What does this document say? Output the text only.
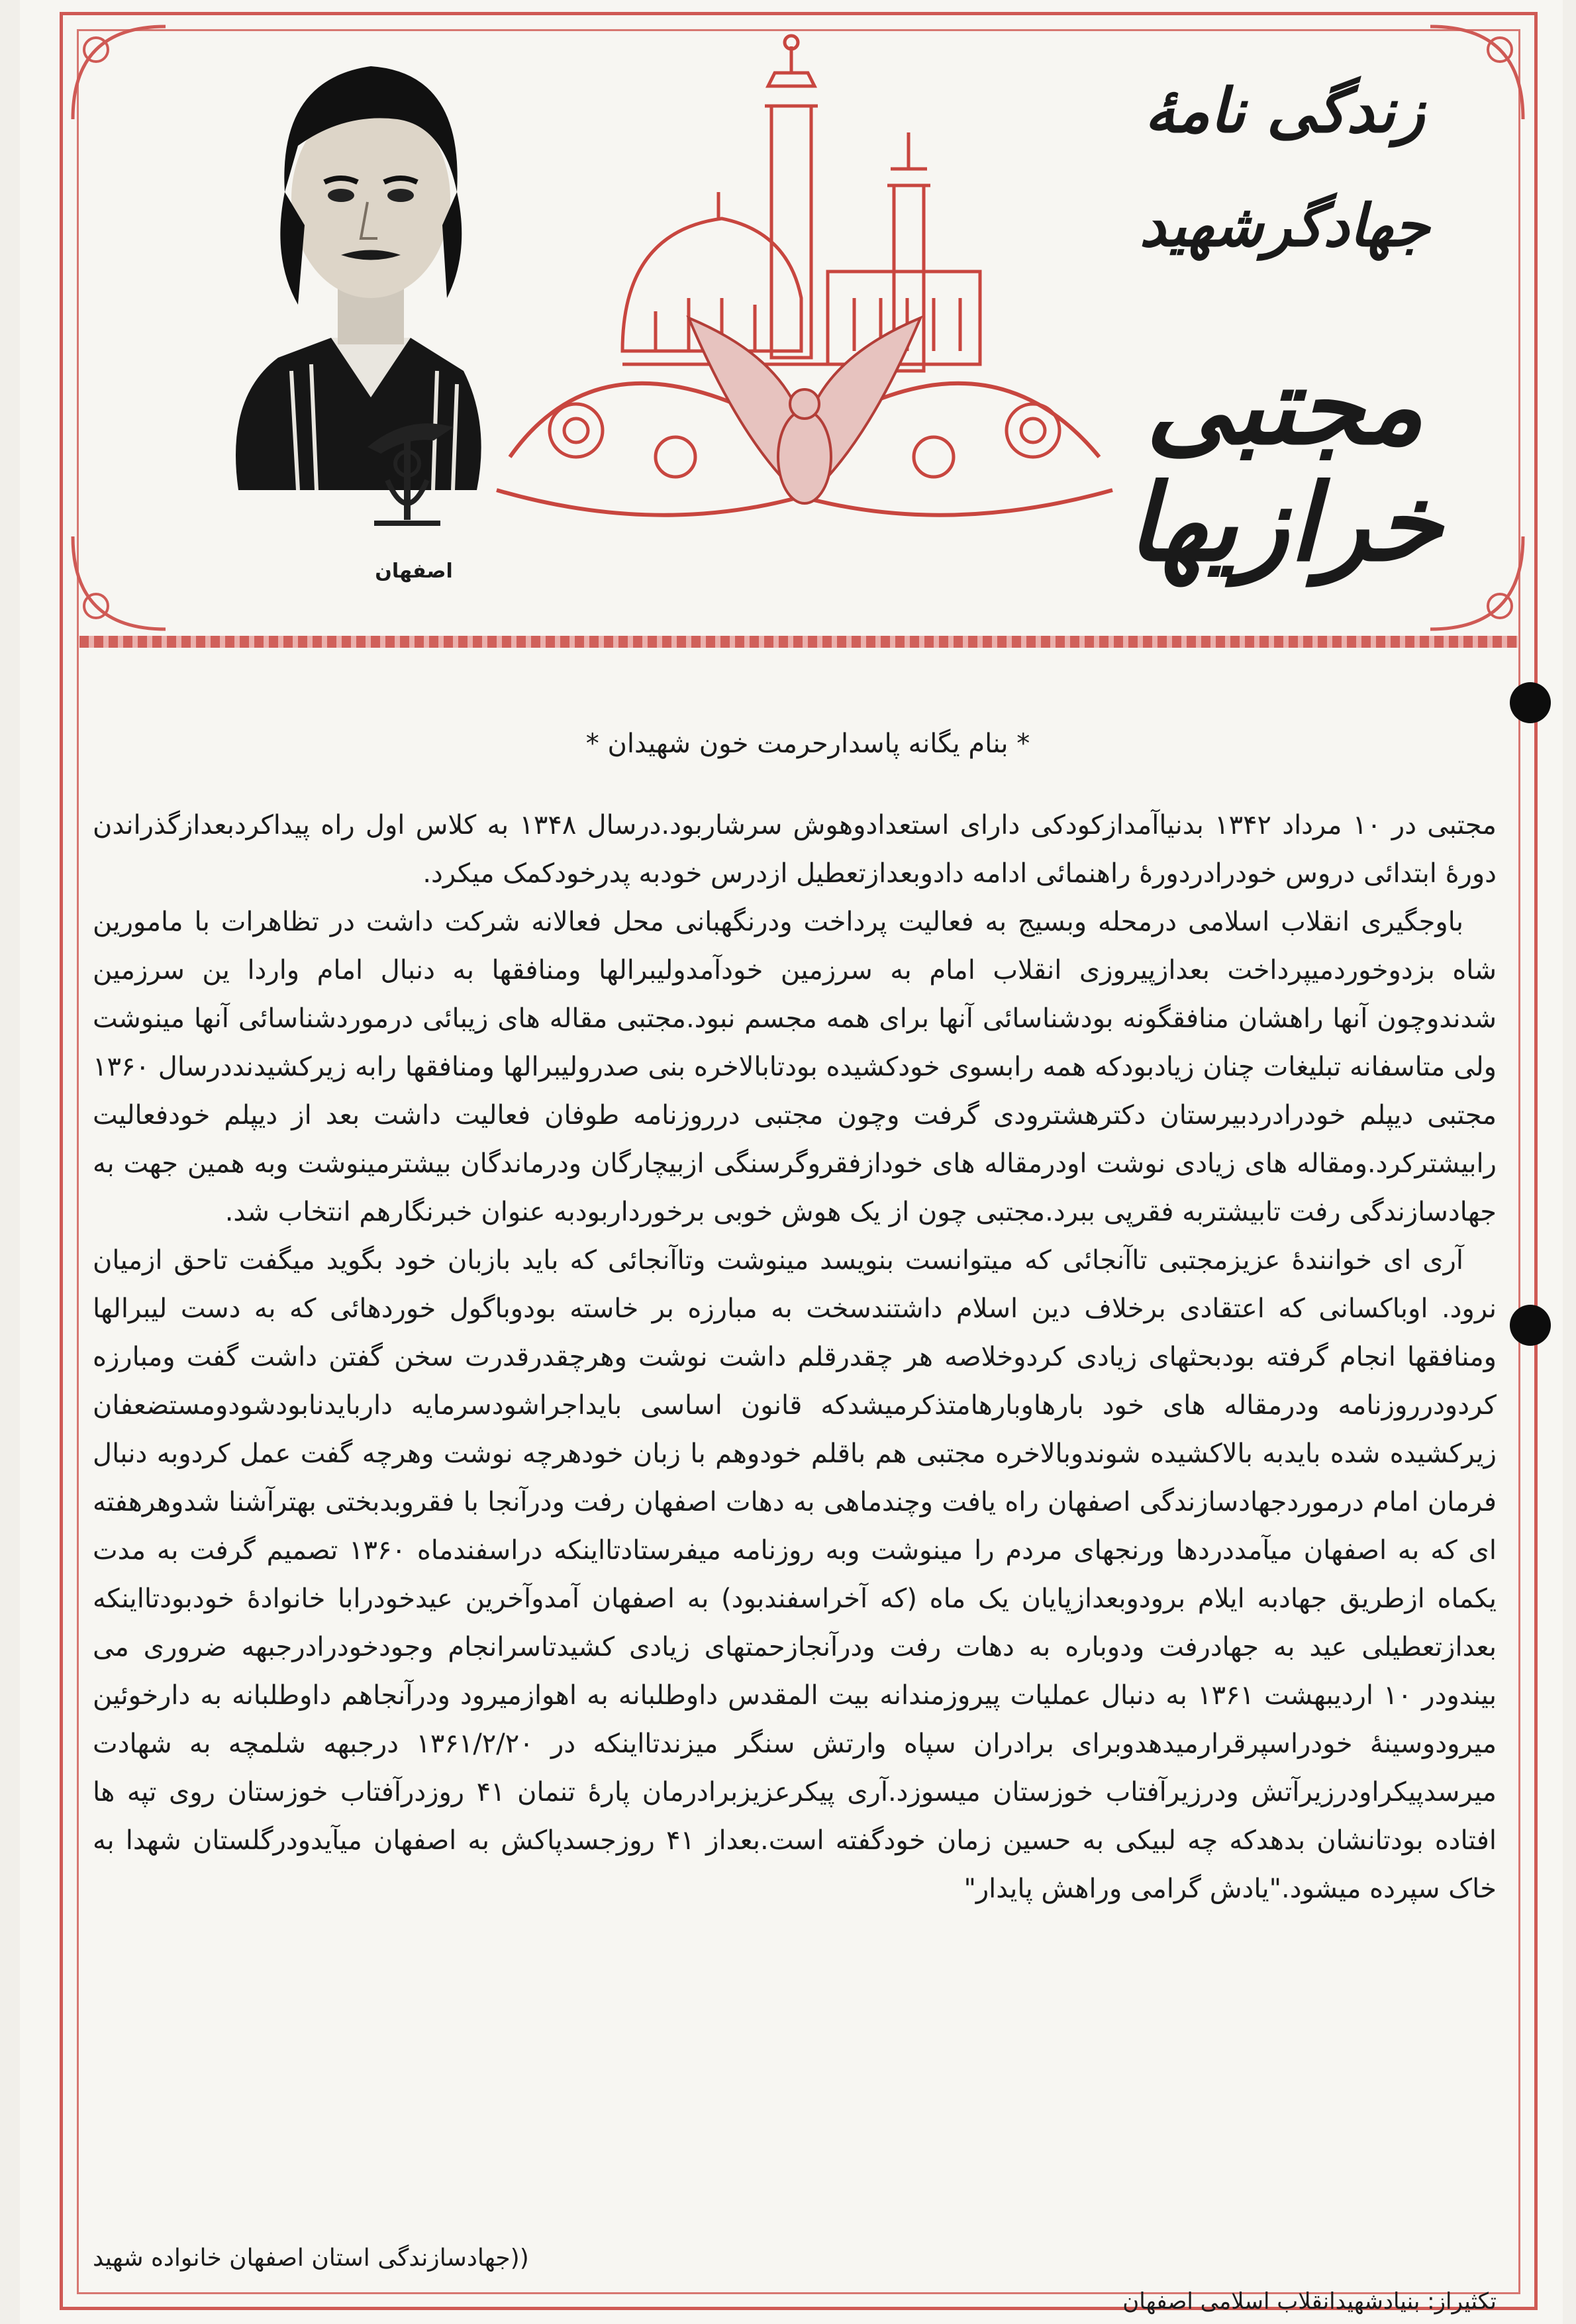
اصفهان
زندگی نامهٔ
جهادگرشهید
مجتبی خرازیها
* بنام یگانه پاسدارحرمت خون شهیدان *

مجتبی در ۱۰ مرداد ۱۳۴۲ بدنیاآمدازکودکی دارای استعدادوهوش سرشاربود.درسال ۱۳۴۸ به کلاس اول راه پیداکردبعدازگذراندن دورهٔ ابتدائی دروس خودرادردورهٔ راهنمائی ادامه دادوبعدازتعطیل ازدرس خودبه پدرخودکمک میکرد.

باوجگیری انقلاب اسلامی درمحله وبسیج به فعالیت پرداخت ودرنگهبانی محل فعالانه شرکت داشت در تظاهرات با مامورین شاه بزدوخوردمیپرداخت بعدازپیروزی انقلاب امام به سرزمین خودآمدولیبرالها ومنافقها به دنبال امام واردا ین سرزمین شدندوچون آنها راهشان منافقگونه بودشناسائی آنها برای همه مجسم نبود.مجتبی مقاله های زیبائی درموردشناسائی آنها مینوشت ولی متاسفانه تبلیغات چنان زیادبودکه همه رابسوی خودکشیده بودتابالاخره بنی صدرولیبرالها ومنافقها رابه زیرکشیدنددرسال ۱۳۶۰ مجتبی دیپلم خودرادردبیرستان دکترهشترودی گرفت وچون مجتبی درروزنامه طوفان فعالیت داشت بعد از دیپلم خودفعالیت رابیشترکرد.ومقاله های زیادی نوشت اودرمقاله های خودازفقروگرسنگی ازبیچارگان ودرماندگان بیشترمینوشت وبه همین جهت به جهادسازندگی رفت تابیشتربه فقرپی ببرد.مجتبی چون از یک هوش خوبی برخورداربودبه عنوان خبرنگارهم انتخاب شد.

آری ای خوانندهٔ عزیزمجتبی تاآنجائی که میتوانست بنویسد مینوشت وتاآنجائی که باید بازبان خود بگوید میگفت تاحق ازمیان نرود. اوباکسانی که اعتقادی برخلاف دین اسلام داشتندسخت به مبارزه بر خاسته بودوباگول خوردهائی که به دست لیبرالها ومنافقها انجام گرفته بودبحثهای زیادی کردوخلاصه هر چقدرقلم داشت نوشت وهرچقدرقدرت سخن گفتن داشت گفت ومبارزه کردودرروزنامه ودرمقاله های خود بارهاوبارهامتذکرمیشدکه قانون اساسی بایداجراشودسرمایه داربایدنابودشودومستضعفان زیرکشیده شده بایدبه بالاکشیده شوندوبالاخره مجتبی هم باقلم خودوهم با زبان خودهرچه نوشت وهرچه گفت عمل کردوبه دنبال فرمان امام درموردجهادسازندگی اصفهان راه یافت وچندماهی به دهات اصفهان رفت ودرآنجا با فقروبدبختی بهترآشنا شدوهرهفته ای که به اصفهان میآمددردها ورنجهای مردم را مینوشت وبه روزنامه میفرستادتااینکه دراسفندماه ۱۳۶۰ تصمیم گرفت به مدت یکماه ازطریق جهادبه ایلام برودوبعدازپایان یک ماه (که آخراسفندبود) به اصفهان آمدوآخرین عیدخودرابا خانوادهٔ خودبودتااینکه بعدازتعطیلی عید به جهادرفت ودوباره به دهات رفت ودرآنجازحمتهای زیادی کشیدتاسرانجام وجودخودرادرجبهه ضروری می بیندودر ۱۰ اردیبهشت ۱۳۶۱ به دنبال عملیات پیروزمندانه بیت المقدس داوطلبانه به اهوازمیرود ودرآنجاهم داوطلبانه به دارخوئین میرودوسینهٔ خودراسپرقرارمیدهدوبرای برادران سپاه وارتش سنگر میزندتااینکه در ۱۳۶۱/۲/۲۰ درجبهه شلمچه به شهادت میرسدپیکراودرزیرآتش ودرزیرآفتاب خوزستان میسوزد.آری پیکرعزیزبرادرمان پارهٔ تنمان ۴۱ روزدرآفتاب خوزستان روی تپه ها افتاده بودتانشان بدهدکه چه لبیکی به حسین زمان خودگفته است.بعداز ۴۱ روزجسدپاکش به اصفهان میآیدودرگلستان شهدا به خاک سپرده میشود."یادش گرامی وراهش پایدار"

((جهادسازندگی استان اصفهان خانواده شهید
تکثیراز: بنیادشهیدانقلاب اسلامی اصفهان
